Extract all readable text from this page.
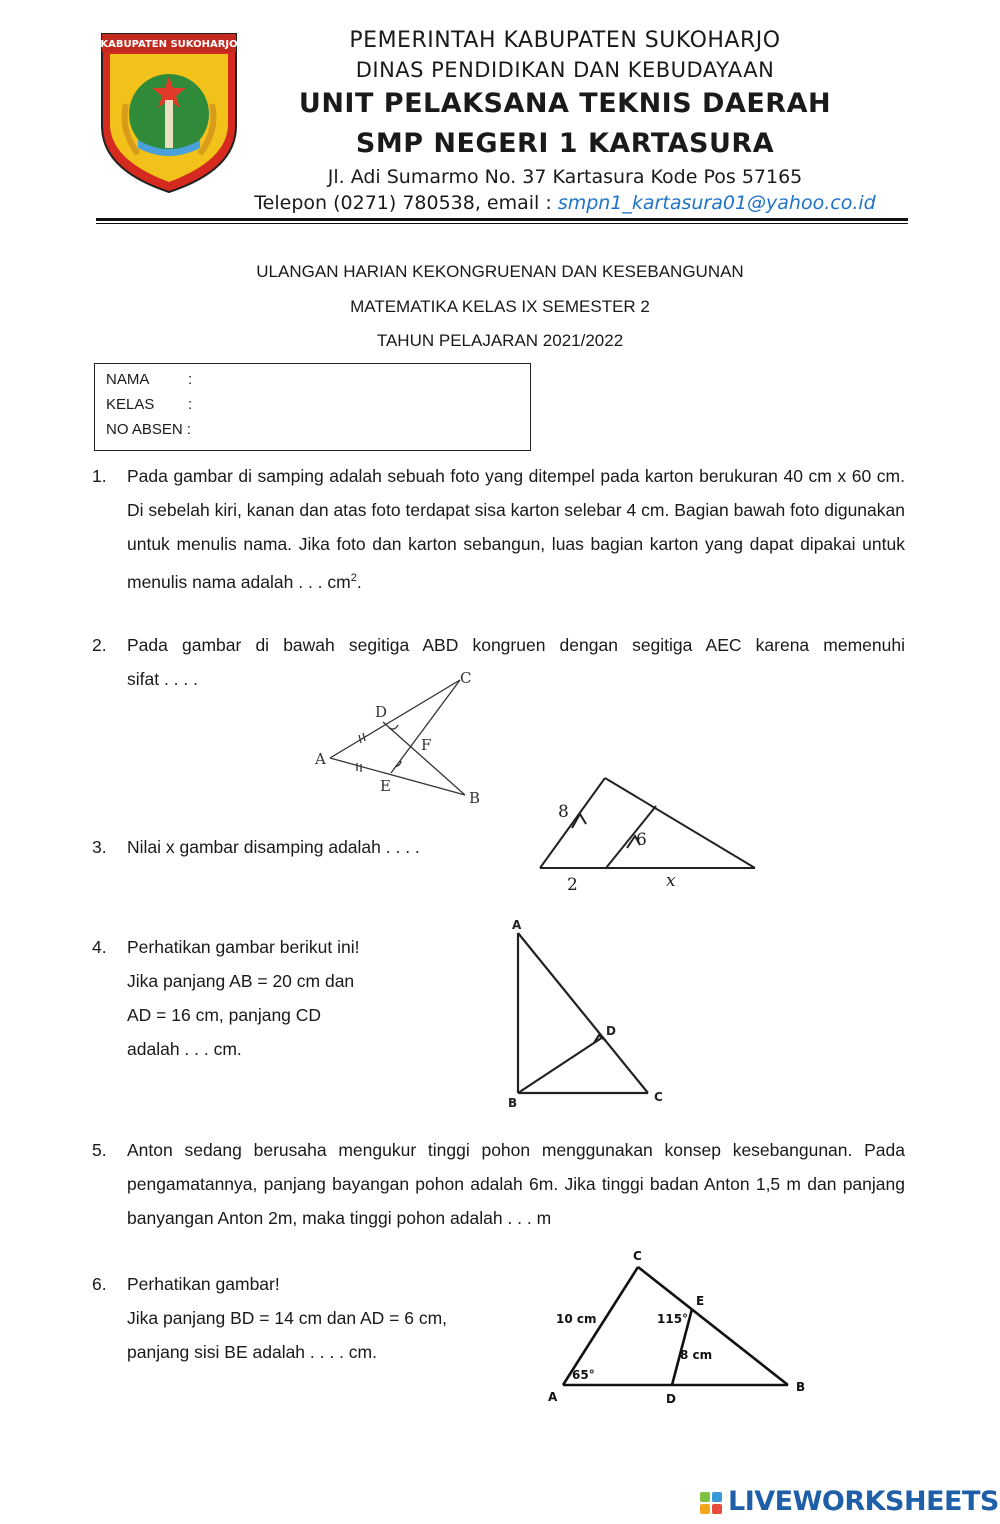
KABUPATEN SUKOHARJO	PEMERINTAH KABUPATEN SUKOHARJO
DINAS PENDIDIKAN DAN KEBUDAYAAN
UNIT PELAKSANA TEKNIS DAERAH
SMP NEGERI 1 KARTASURA
Jl. Adi Sumarmo No. 37 Kartasura Kode Pos 57165
Telepon (0271) 780538, email : smpn1_kartasura01@yahoo.co.id
ULANGAN HARIAN KEKONGRUENAN DAN KESEBANGUNAN
MATEMATIKA KELAS IX SEMESTER 2
TAHUN PELAJARAN 2021/2022
NAMA	:
KELAS :
NO ABSEN :
1. Pada gambar di samping adalah sebuah foto yang ditempel pada karton berukuran 40 cm x 60 cm. Di sebelah kiri, kanan dan atas foto terdapat sisa karton selebar 4 cm. Bagian bawah foto digunakan untuk menulis nama. Jika foto dan karton sebangun, luas bagian karton yang dapat dipakai untuk menulis nama adalah . . . $cm^2$.
2. Pada gambar di bawah segitiga ABD kongruen dengan segitiga AEC karena memenuhi
sifat . . . .
A
C
D
F
E
B
3. Nilai x gambar disamping adalah . . . .
8
6
2	x
4. Perhatikan gambar berikut ini!
Jika panjang AB = 20 cm dan
AD = 16 cm, panjang CD
adalah . . . cm.
A
D
B	C
5. Anton sedang berusaha mengukur tinggi pohon menggunakan konsep kesebangunan. Pada pengamatannya, panjang bayangan pohon adalah 6m. Jika tinggi badan Anton 1,5 m dan panjang banyangan Anton 2m, maka tinggi pohon adalah . . . m
6. Perhatikan gambar!
Jika panjang BD = 14 cm dan AD = 6 cm,
panjang sisi BE adalah . . . . cm.
C
E
A	D
B
10 cm
8 cm
115°
65°
LIVEWORKSHEETS
